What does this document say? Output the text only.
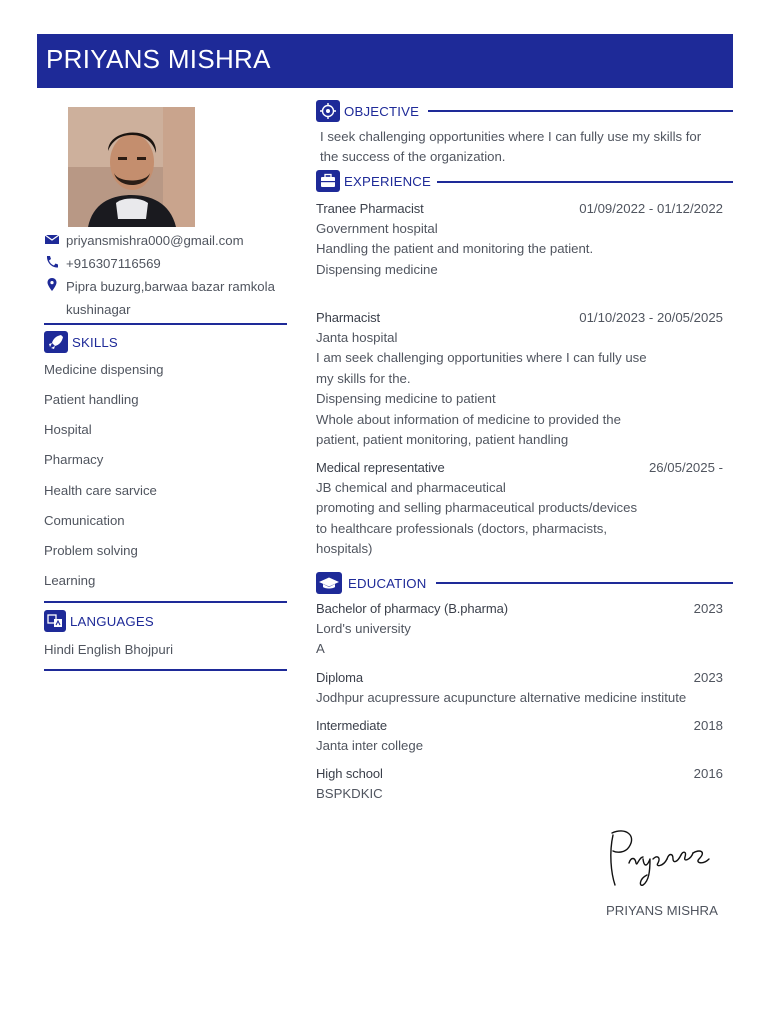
PRIYANS MISHRA
priyansmishra000@gmail.com
+916307116569
Pipra buzurg,barwaa bazar ramkola
kushinagar
SKILLS
Medicine dispensing
Patient handling
Hospital
Pharmacy
Health care sarvice
Comunication
Problem solving
Learning
LANGUAGES
Hindi English Bhojpuri
OBJECTIVE
I seek challenging opportunities where I can fully use my skills for
the success of the organization.
EXPERIENCE
Tranee Pharmacist	01/09/2022 - 01/12/2022
Government hospital
Handling the patient and monitoring the patient.
Dispensing medicine
Pharmacist	01/10/2023 - 20/05/2025
Janta hospital
I am seek challenging opportunities where I can fully use
my skills for the.
Dispensing medicine to patient
Whole about information of medicine to provided the
patient, patient monitoring, patient handling
Medical representative	26/05/2025 -
JB chemical and pharmaceutical
promoting and selling pharmaceutical products/devices
to healthcare professionals (doctors, pharmacists,
hospitals)
EDUCATION
Bachelor of pharmacy (B.pharma)	2023
Lord's university
A
Diploma	2023
Jodhpur acupressure acupuncture alternative medicine institute
Intermediate	2018
Janta inter college
High school	2016
BSPKDKIC
PRIYANS MISHRA
